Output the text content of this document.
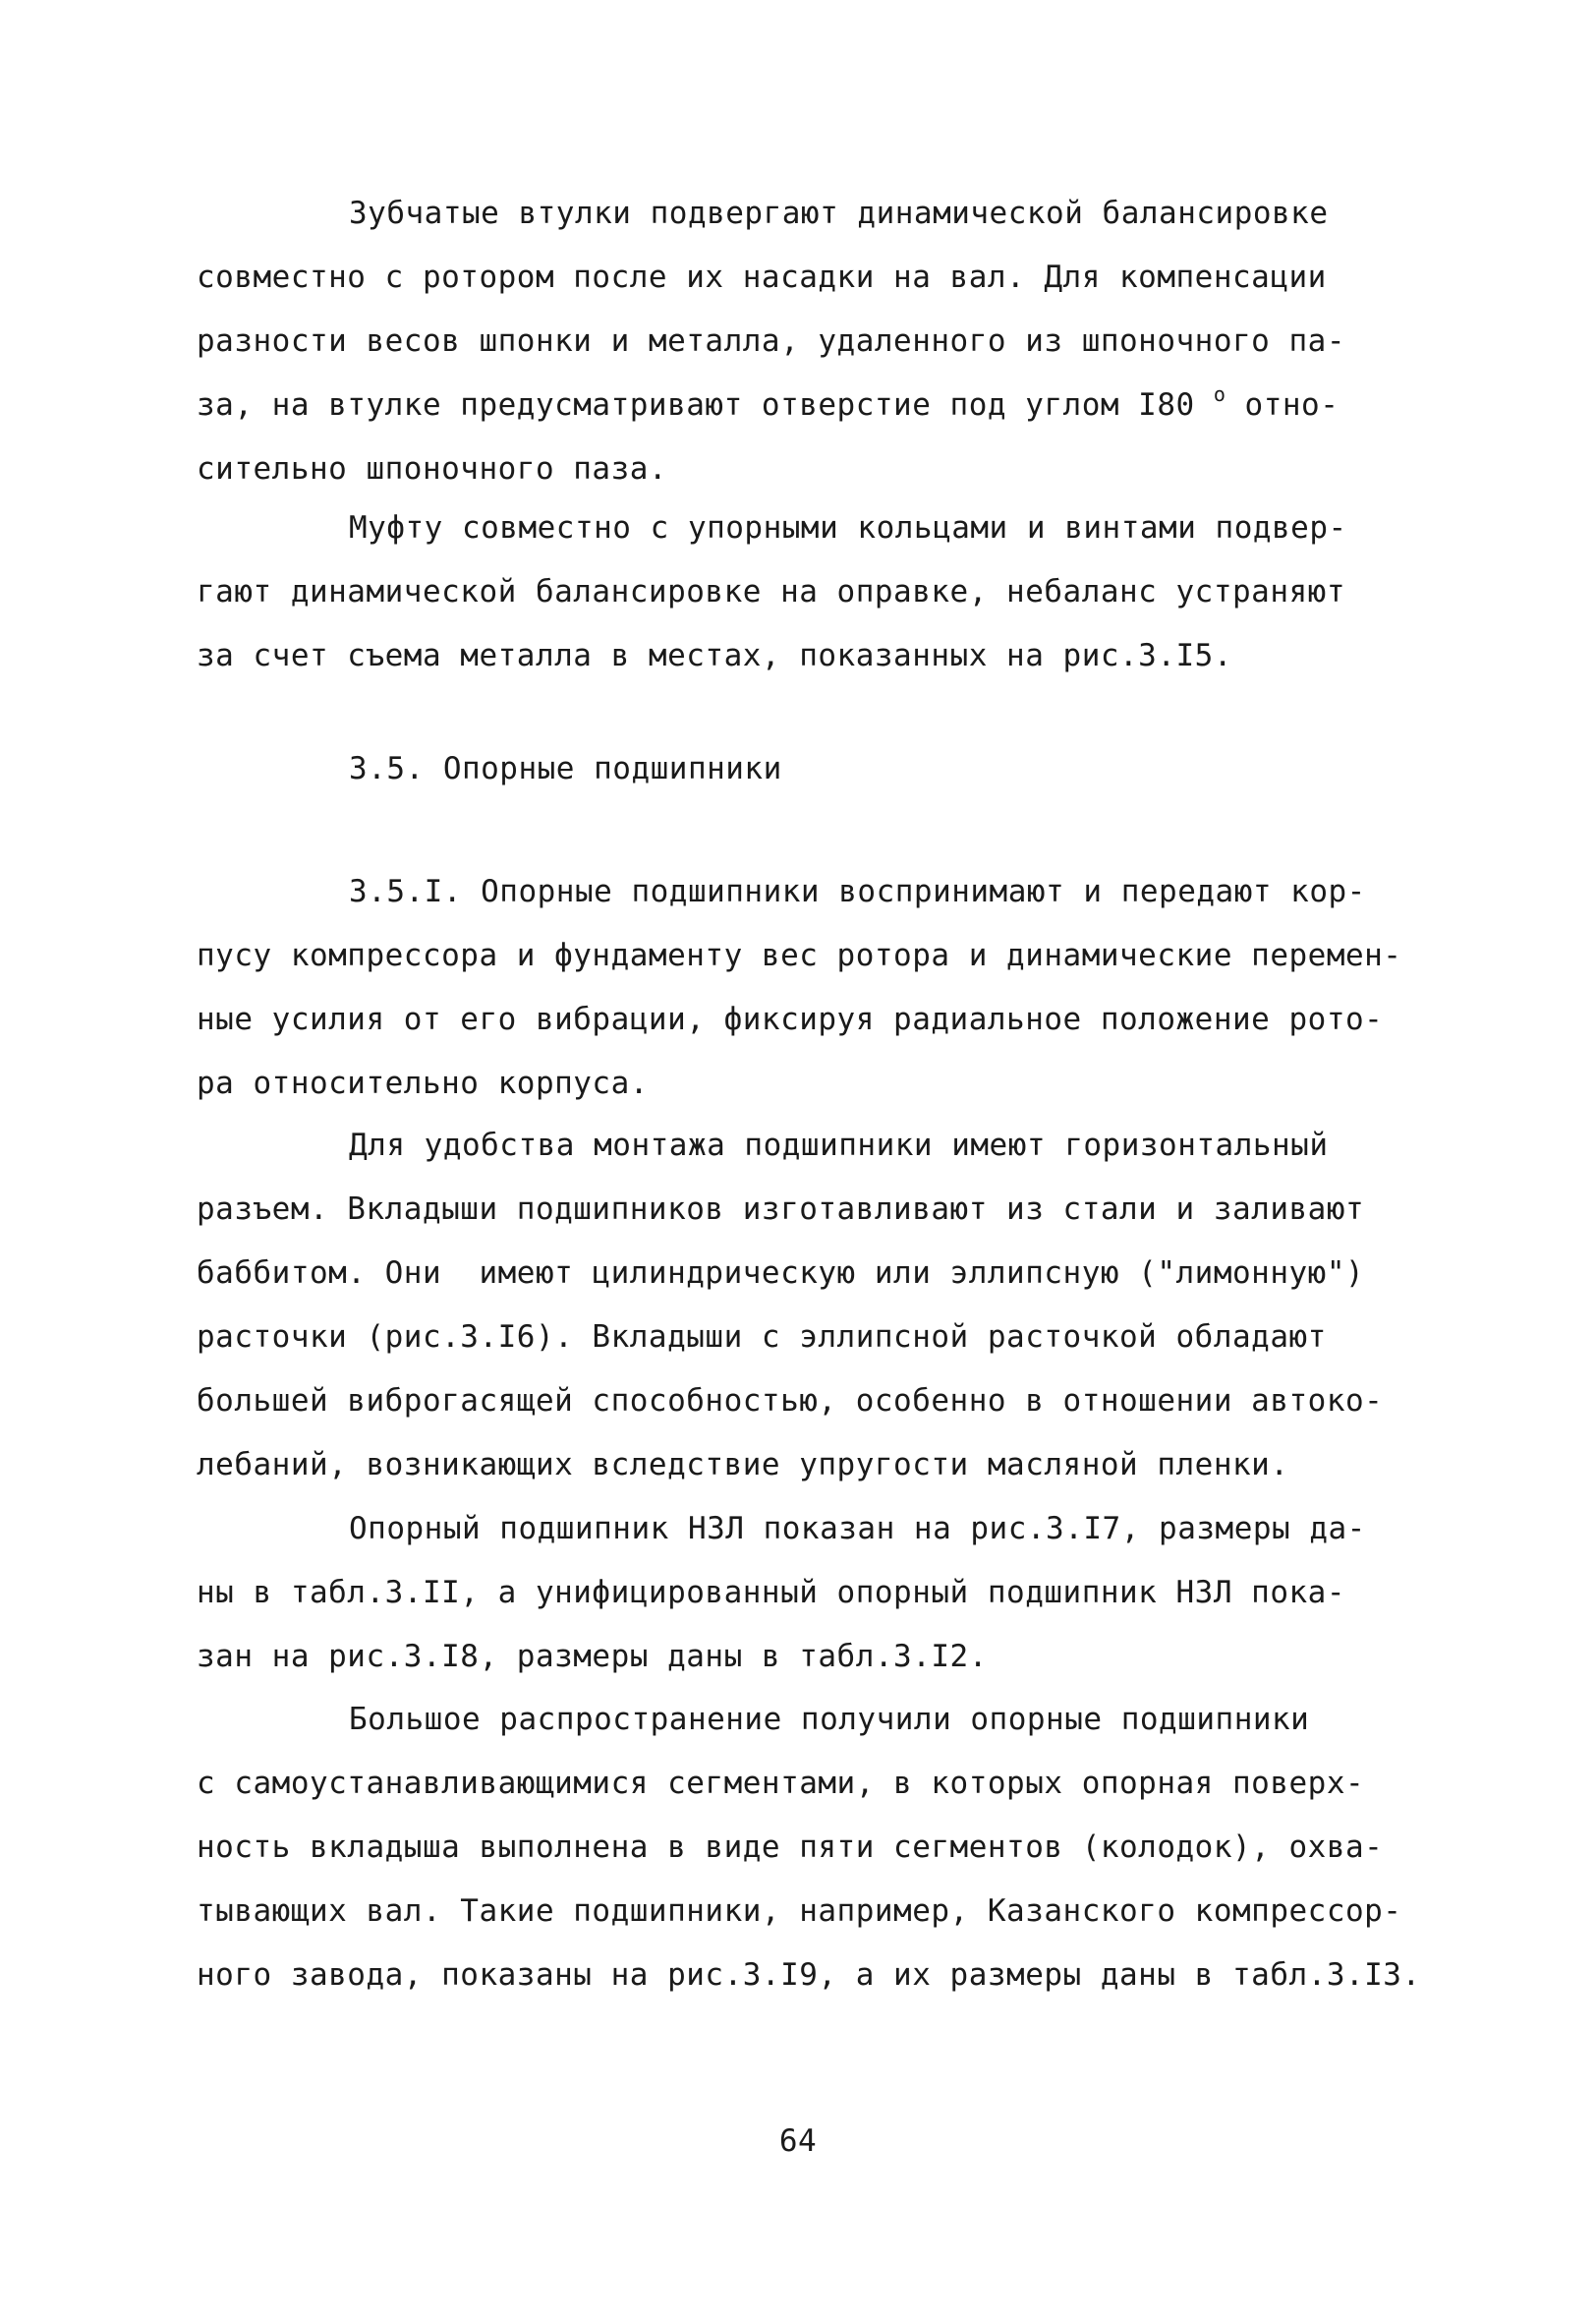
Зубчатые втулки подвергают динамической балансировке
совместно с ротором после их насадки на вал. Для компенсации
разности весов шпонки и металла, удаленного из шпоночного па-
за, на втулке предусматривают отверстие под углом I80 $^о$ отно-
сительно шпоночного паза.
Муфту совместно с упорными кольцами и винтами подвер-
гают динамической балансировке на оправке, небаланс устраняют
за счет съема металла в местах, показанных на рис.3.I5.
3.5. Опорные подшипники
3.5.I. Опорные подшипники воспринимают и передают кор-
пусу компрессора и фундаменту вес ротора и динамические перемен-
ные усилия от его вибрации, фиксируя радиальное положение рото-
ра относительно корпуса.
Для удобства монтажа подшипники имеют горизонтальный
разъем. Вкладыши подшипников изготавливают из стали и заливают
баббитом. Они  имеют цилиндрическую или эллипсную ("лимонную")
расточки (рис.3.I6). Вкладыши с эллипсной расточкой обладают
большей виброгасящей способностью, особенно в отношении автоко-
лебаний, возникающих вследствие упругости масляной пленки.
Опорный подшипник НЗЛ показан на рис.3.I7, размеры да-
ны в табл.3.II, а унифицированный опорный подшипник НЗЛ пока-
зан на рис.3.I8, размеры даны в табл.3.I2.
Большое распространение получили опорные подшипники
с самоустанавливающимися сегментами, в которых опорная поверх-
ность вкладыша выполнена в виде пяти сегментов (колодок), охва-
тывающих вал. Такие подшипники, например, Казанского компрессор-
ного завода, показаны на рис.3.I9, а их размеры даны в табл.3.I3.
64
